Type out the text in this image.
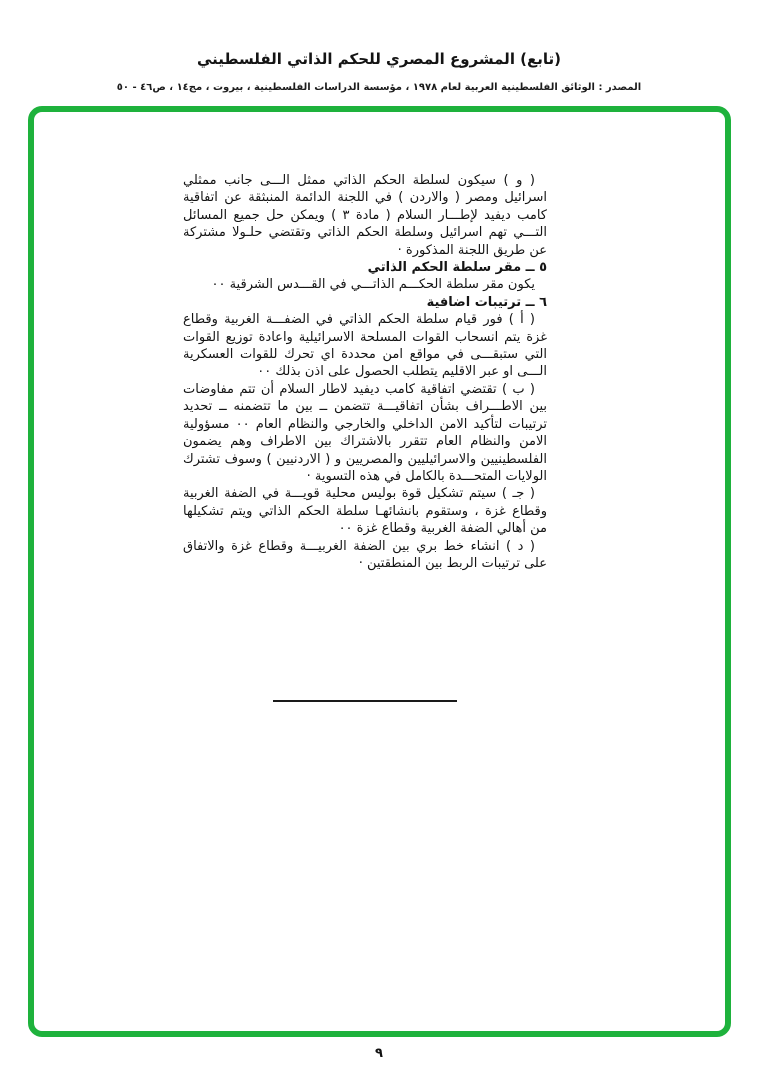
(تابع) المشروع المصري للحكم الذاتي الفلسطيني
المصدر : الوثائق الفلسطينية العربية لعام ١٩٧٨ ، مؤسسة الدراسات الفلسطينية ، بيروت ، مج١٤ ، ص٤٦ - ٥٠

( و ) سيكون لسلطة الحكم الذاتي ممثل الـــى جانب ممثلي اسرائيل ومصر ( والاردن ) في اللجنة الدائمة المنبثقة عن اتفاقية كامب ديفيد لإطـــار السلام ( مادة ٣ ) ويمكن حل جميع المسائل التـــي تهم اسرائيل وسلطة الحكم الذاتي وتقتضي حلـولا مشتركة عن طريق اللجنة المذكورة ·

٥ ــ مقر سلطة الحكم الذاتي

يكون مقر سلطة الحكـــم الذاتـــي في القـــدس الشرقية ٠٠

٦ ــ ترتيبات اضافية

( أ ) فور قيام سلطة الحكم الذاتي في الضفـــة الغربية وقطاع غزة يتم انسحاب القوات المسلحة الاسرائيلية واعادة توزيع القوات التي ستبقـــى في مواقع امن محددة اي تحرك للقوات العسكرية الـــى او عبر الاقليم يتطلب الحصول على اذن بذلك ٠٠

( ب ) تقتضي اتفاقية كامب ديفيد لاطار السلام أن تتم مفاوضات بين الاطـــراف بشأن اتفاقيـــة تتضمن ــ بين ما تتضمنه ــ تحديد ترتيبات لتأكيد الامن الداخلي والخارجي والنظام العام ٠٠ مسؤولية الامن والنظام العام تتقرر بالاشتراك بين الاطراف وهم يضمون الفلسطينيين والاسرائيليين والمصريين و ( الاردنيين ) وسوف تشترك الولايات المتحـــدة بالكامل في هذه التسوية ·

( جـ ) سيتم تشكيل قوة بوليس محلية قويـــة في الضفة الغربية وقطاع غزة ، وستقوم بانشائهـا سلطة الحكم الذاتي ويتم تشكيلها من أهالي الضفة الغربية وقطاع غزة ٠٠

( د ) انشاء خط بري بين الضفة الغربيـــة وقطاع غزة والاتفاق على ترتيبات الربط بين المنطقتين ·

٩
